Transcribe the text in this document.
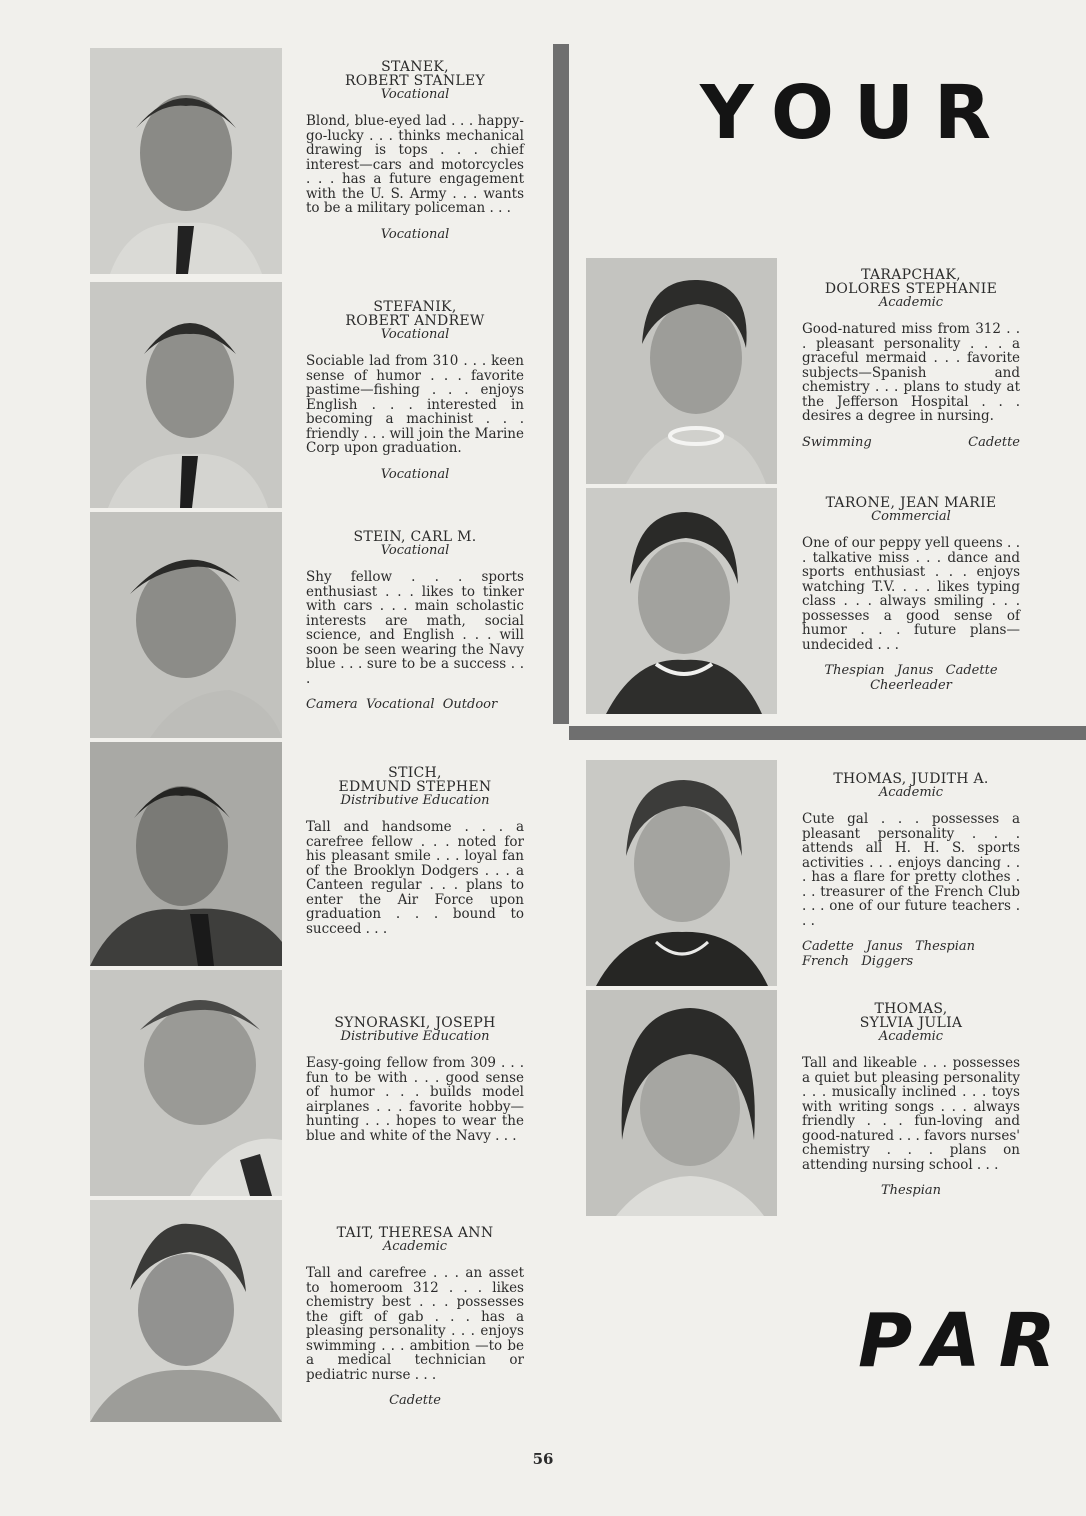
YOUR
PAR
STANEK,
ROBERT STANLEY
Vocational
Blond, blue-eyed lad . . . happy-go-lucky . . . thinks mechanical drawing is tops . . . chief interest—cars and motorcycles . . . has a future engagement with the U. S. Army . . . wants to be a military policeman . . .
Vocational
STEFANIK,
ROBERT ANDREW
Vocational
Sociable lad from 310 . . . keen sense of humor . . . favorite pastime—fishing . . . enjoys English . . . interested in becoming a machinist . . . friendly . . . will join the Marine Corp upon graduation.
Vocational
STEIN, CARL M.
Vocational
Shy fellow . . . sports enthusiast . . . likes to tinker with cars . . . main scholastic interests are math, social science, and English . . . will soon be seen wearing the Navy blue . . . sure to be a success . . .
Camera  Vocational  Outdoor
STICH,
EDMUND STEPHEN
Distributive Education
Tall and handsome . . . a carefree fellow . . . noted for his pleasant smile . . . loyal fan of the Brooklyn Dodgers . . . a Canteen regular . . . plans to enter the Air Force upon graduation . . . bound to succeed . . .
SYNORASKI, JOSEPH
Distributive Education
Easy-going fellow from 309 . . . fun to be with . . . good sense of humor . . . builds model airplanes . . . favorite hobby—hunting . . . hopes to wear the blue and white of the Navy . . .
TAIT, THERESA ANN
Academic
Tall and carefree . . . an asset to homeroom 312 . . . likes chemistry best . . . possesses the gift of gab . . . has a pleasing personality . . . enjoys swimming . . . ambition —to be a medical technician or pediatric nurse . . .
Cadette
TARAPCHAK,
DOLORES STEPHANIE
Academic
Good-natured miss from 312 . . . pleasant personality . . . a graceful mermaid . . . favorite subjects—Spanish and chemistry . . . plans to study at the Jefferson Hospital . . . desires a degree in nursing.
Swimming	Cadette
TARONE, JEAN MARIE
Commercial
One of our peppy yell queens . . . talkative miss . . . dance and sports enthusiast . . . enjoys watching T.V. . . . likes typing class . . . always smiling . . . possesses a good sense of humor . . . future plans—undecided . . .
Thespian   Janus   Cadette
Cheerleader
THOMAS, JUDITH A.
Academic
Cute gal . . . possesses a pleasant personality . . . attends all H. H. S. sports activities . . . enjoys dancing . . . has a flare for pretty clothes . . . treasurer of the French Club . . . one of our future teachers . . .
Cadette   Janus   Thespian
French   Diggers
THOMAS,
SYLVIA JULIA
Academic
Tall and likeable . . . possesses a quiet but pleasing personality . . . musically inclined . . . toys with writing songs . . . always friendly . . . fun-loving and good-natured . . . favors nurses' chemistry . . . plans on attending nursing school . . .
Thespian
56
